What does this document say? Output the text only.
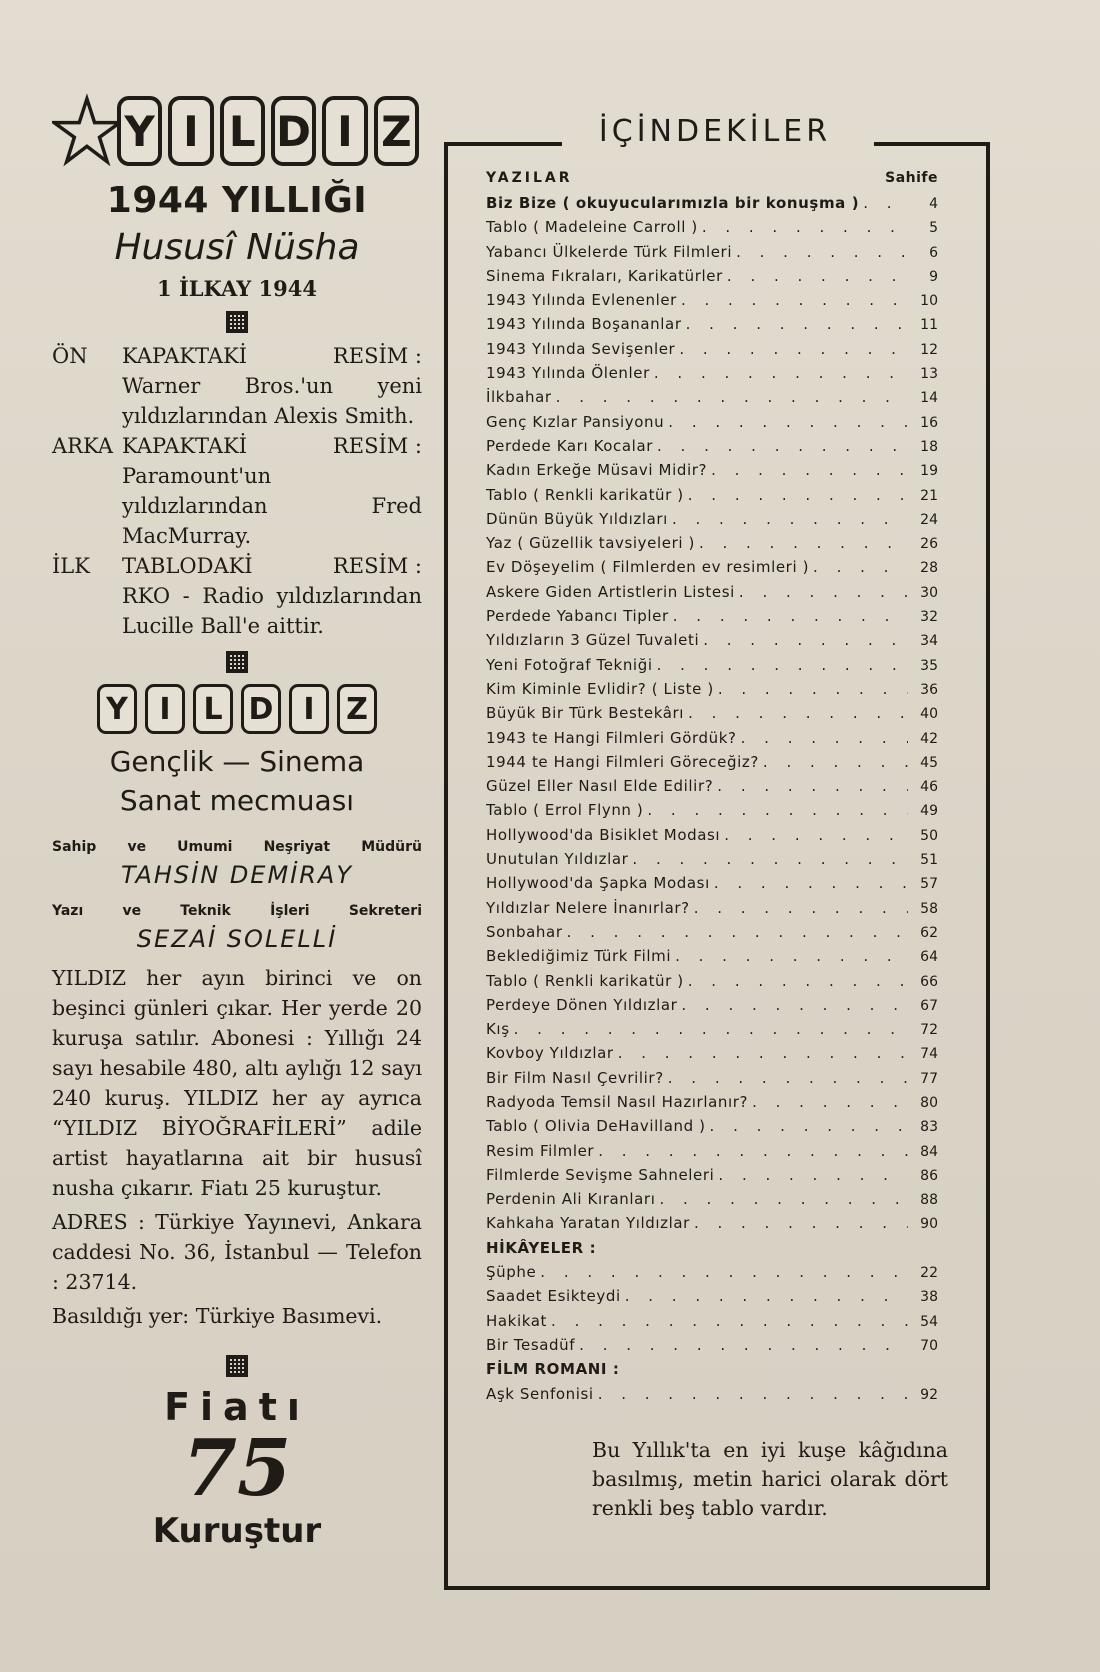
Y I L D I Z
1944 YILLIĞI
Hususî Nüsha
1 İLKAY 1944
ÖN	KAPAKTAKİ	RESİM :
Warner Bros.'un yeni yıldızlarından Alexis Smith.
ARKA KAPAKTAKİ	RESİM :
Paramount'un yıldızlarından Fred MacMurray.
İLK	TABLODAKİ	RESİM :
RKO - Radio yıldızlarından Lucille Ball'e aittir.
Y	I	L D I	Z
Gençlik — Sinema
Sanat mecmuası
Sahip ve Umumi Neşriyat Müdürü
TAHSİN DEMİRAY
Yazı	ve	Teknik	İşleri	Sekreteri
SEZAİ SOLELLİ
YILDIZ her ayın birinci ve on beşinci günleri çıkar. Her yerde 20 kuruşa satılır. Abonesi : Yıllığı 24 sayı hesabile 480, altı aylığı 12 sayı 240 kuruş. YILDIZ her ay ayrıca “YILDIZ BİYOĞRAFİLERİ” adile artist hayatlarına ait bir hususî nusha çıkarır. Fiatı 25 kuruştur.
ADRES : Türkiye Yayınevi, Ankara caddesi No. 36, İstanbul — Telefon : 23714.
Basıldığı yer: Türkiye Basımevi.
Fiatı
75
Kuruştur
İÇİNDEKİLER
YAZILAR	Sahife
Biz Bize ( okuyucularımızla bir konuşma ) . . .	4
Tablo ( Madeleine Carroll ) . . .	5
Yabancı Ülkelerde Türk Filmleri . . .	6
Sinema Fıkraları, Karikatürler . . .	9
1943 Yılında Evlenenler . . .	10
1943 Yılında Boşananlar . . .	11
1943 Yılında Sevişenler . . .	12
1943 Yılında Ölenler . . .	13
İlkbahar . . .	14
Genç Kızlar Pansiyonu . . .	16
Perdede Karı Kocalar . . .	18
Kadın Erkeğe Müsavi Midir? . . .	19
Tablo ( Renkli karikatür ) . . .	21
Dünün Büyük Yıldızları . . .	24
Yaz ( Güzellik tavsiyeleri ) . . .	26
Ev Döşeyelim ( Filmlerden ev resimleri ) . . .	28
Askere Giden Artistlerin Listesi . . .	30
Perdede Yabancı Tipler . . .	32
Yıldızların 3 Güzel Tuvaleti . . .	34
Yeni Fotoğraf Tekniği . . .	35
Kim Kiminle Evlidir? ( Liste ) . . .	36
Büyük Bir Türk Bestekârı . . .	40
1943 te Hangi Filmleri Gördük? . . .	42
1944 te Hangi Filmleri Göreceğiz? . . .	45
Güzel Eller Nasıl Elde Edilir? . . .	46
Tablo ( Errol Flynn ) . . .	49
Hollywood'da Bisiklet Modası . . .	50
Unutulan Yıldızlar . . .	51
Hollywood'da Şapka Modası . . .	57
Yıldızlar Nelere İnanırlar? . . .	58
Sonbahar . . .	62
Beklediğimiz Türk Filmi . . .	64
Tablo ( Renkli karikatür ) . . .	66
Perdeye Dönen Yıldızlar . . .	67
Kış . . .	72
Kovboy Yıldızlar . . .	74
Bir Film Nasıl Çevrilir? . . .	77
Radyoda Temsil Nasıl Hazırlanır? . . .	80
Tablo ( Olivia DeHavilland ) . . .	83
Resim Filmler . . .	84
Filmlerde Sevişme Sahneleri . . .	86
Perdenin Ali Kıranları . . .	88
Kahkaha Yaratan Yıldızlar . . .	90
HİKÂYELER :
Şüphe . . .	22
Saadet Esikteydi . . .	38
Hakikat . . .	54
Bir Tesadüf . . .	70
FİLM ROMANI :
Aşk Senfonisi . . .	92
Bu Yıllık'ta en iyi kuşe kâğıdına basılmış, metin harici olarak dört renkli beş tablo vardır.
